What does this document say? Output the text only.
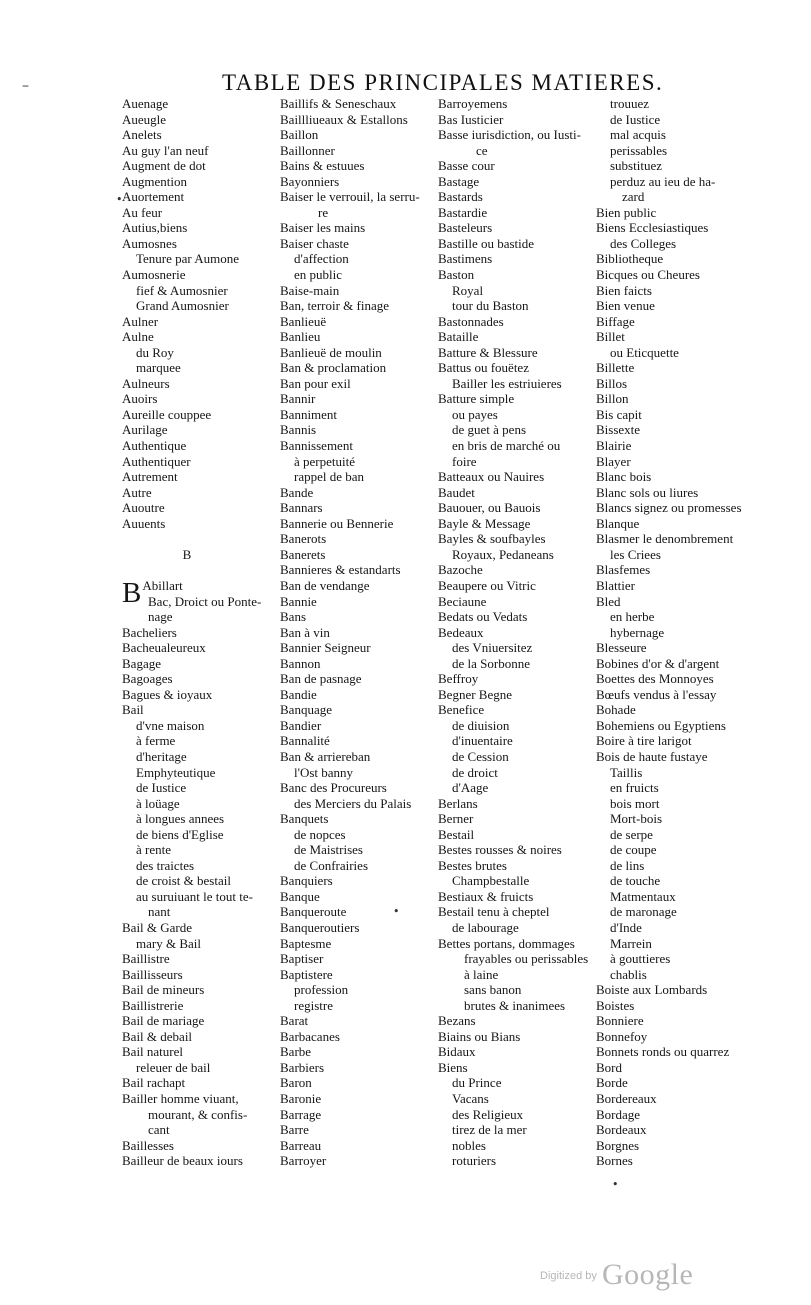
TABLE DES PRINCIPALES MATIERES.
Auenage
Aueugle
Anelets
Au guy l'an neuf
Augment de dot
Augmention
Auortement
Au feur
Autius,biens
Aumosnes
Tenure par Aumone
Aumosnerie
fief & Aumosnier
Grand Aumosnier
Aulner
Aulne
du Roy
marquee
Aulneurs
Auoirs
Aureille couppee
Aurilage
Authentique
Authentiquer
Autrement
Autre
Auoutre
Auuents
B
B Abillart
Bac, Droict ou Ponte-
nage
Bacheliers
Bacheualeureux
Bagage
Bagoages
Bagues & ioyaux
Bail
d'vne maison
à ferme
d'heritage
Emphyteutique
de Iustice
à loüage
à longues annees
de biens d'Eglise
à rente
des traictes
de croist & bestail
au suruiuant le tout te-
nant
Bail & Garde
mary & Bail
Baillistre
Baillisseurs
Bail de mineurs
Baillistrerie
Bail de mariage
Bail & debail
Bail naturel
releuer de bail
Bail rachapt
Bailler homme viuant,
mourant, & confis-
cant
Baillesses
Bailleur de beaux iours
Baillifs & Seneschaux
Baillliueaux & Estallons
Baillon
Baillonner
Bains & estuues
Bayonniers
Baiser le verrouil, la serru-
re
Baiser les mains
Baiser chaste
d'affection
en public
Baise-main
Ban, terroir & finage
Banlieuë
Banlieu
Banlieuë de moulin
Ban & proclamation
Ban pour exil
Bannir
Banniment
Bannis
Bannissement
à perpetuité
rappel de ban
Bande
Bannars
Bannerie ou Bennerie
Banerots
Banerets
Bannieres & estandarts
Ban de vendange
Bannie
Bans
Ban à vin
Bannier Seigneur
Bannon
Ban de pasnage
Bandie
Banquage
Bandier
Bannalité
Ban & arriereban
l'Ost banny
Banc des Procureurs
des Merciers du Palais
Banquets
de nopces
de Maistrises
de Confrairies
Banquiers
Banque
Banqueroute
Banqueroutiers
Baptesme
Baptiser
Baptistere
profession
registre
Barat
Barbacanes
Barbe
Barbiers
Baron
Baronie
Barrage
Barre
Barreau
Barroyer
Barroyemens
Bas Iusticier
Basse iurisdiction, ou Iusti-
ce
Basse cour
Bastage
Bastards
Bastardie
Basteleurs
Bastille ou bastide
Bastimens
Baston
Royal
tour du Baston
Bastonnades
Bataille
Batture & Blessure
Battus ou fouëtez
Bailler les estriuieres
Batture simple
ou payes
de guet à pens
en bris de marché ou
foire
Batteaux ou Nauires
Baudet
Bauouer, ou Bauois
Bayle & Message
Bayles & soufbayles
Royaux, Pedaneans
Bazoche
Beaupere ou Vitric
Beciaune
Bedats ou Vedats
Bedeaux
des Vniuersitez
de la Sorbonne
Beffroy
Begner Begne
Benefice
de diuision
d'inuentaire
de Cession
de droict
d'Aage
Berlans
Berner
Bestail
Bestes rousses & noires
Bestes brutes
Champbestalle
Bestiaux & fruicts
Bestail tenu à cheptel
de labourage
Bettes portans, dommages
frayables ou perissables
à laine
sans banon
brutes & inanimees
Bezans
Biains ou Bians
Bidaux
Biens
du Prince
Vacans
des Religieux
tirez de la mer
nobles
roturiers
trouuez
de Iustice
mal acquis
perissables
substituez
perduz au ieu de ha-
zard
Bien public
Biens Ecclesiastiques
des Colleges
Bibliotheque
Bicques ou Cheures
Bien faicts
Bien venue
Biffage
Billet
ou Eticquette
Billette
Billos
Billon
Bis capit
Bissexte
Blairie
Blayer
Blanc bois
Blanc sols ou liures
Blancs signez ou promesses
Blanque
Blasmer le denombrement
les Criees
Blasfemes
Blattier
Bled
en herbe
hybernage
Blesseure
Bobines d'or & d'argent
Boettes des Monnoyes
Bœufs vendus à l'essay
Bohade
Bohemiens ou Egyptiens
Boire à tire larigot
Bois de haute fustaye
Taillis
en fruicts
bois mort
Mort-bois
de serpe
de coupe
de lins
de touche
Matmentaux
de maronage
d'Inde
Marrein
à gouttieres
chablis
Boiste aux Lombards
Boistes
Bonniere
Bonnefoy
Bonnets ronds ou quarrez
Bord
Borde
Bordereaux
Bordage
Bordeaux
Borgnes
Bornes
–
•
•
•
$^{Digitized by}$ Google
